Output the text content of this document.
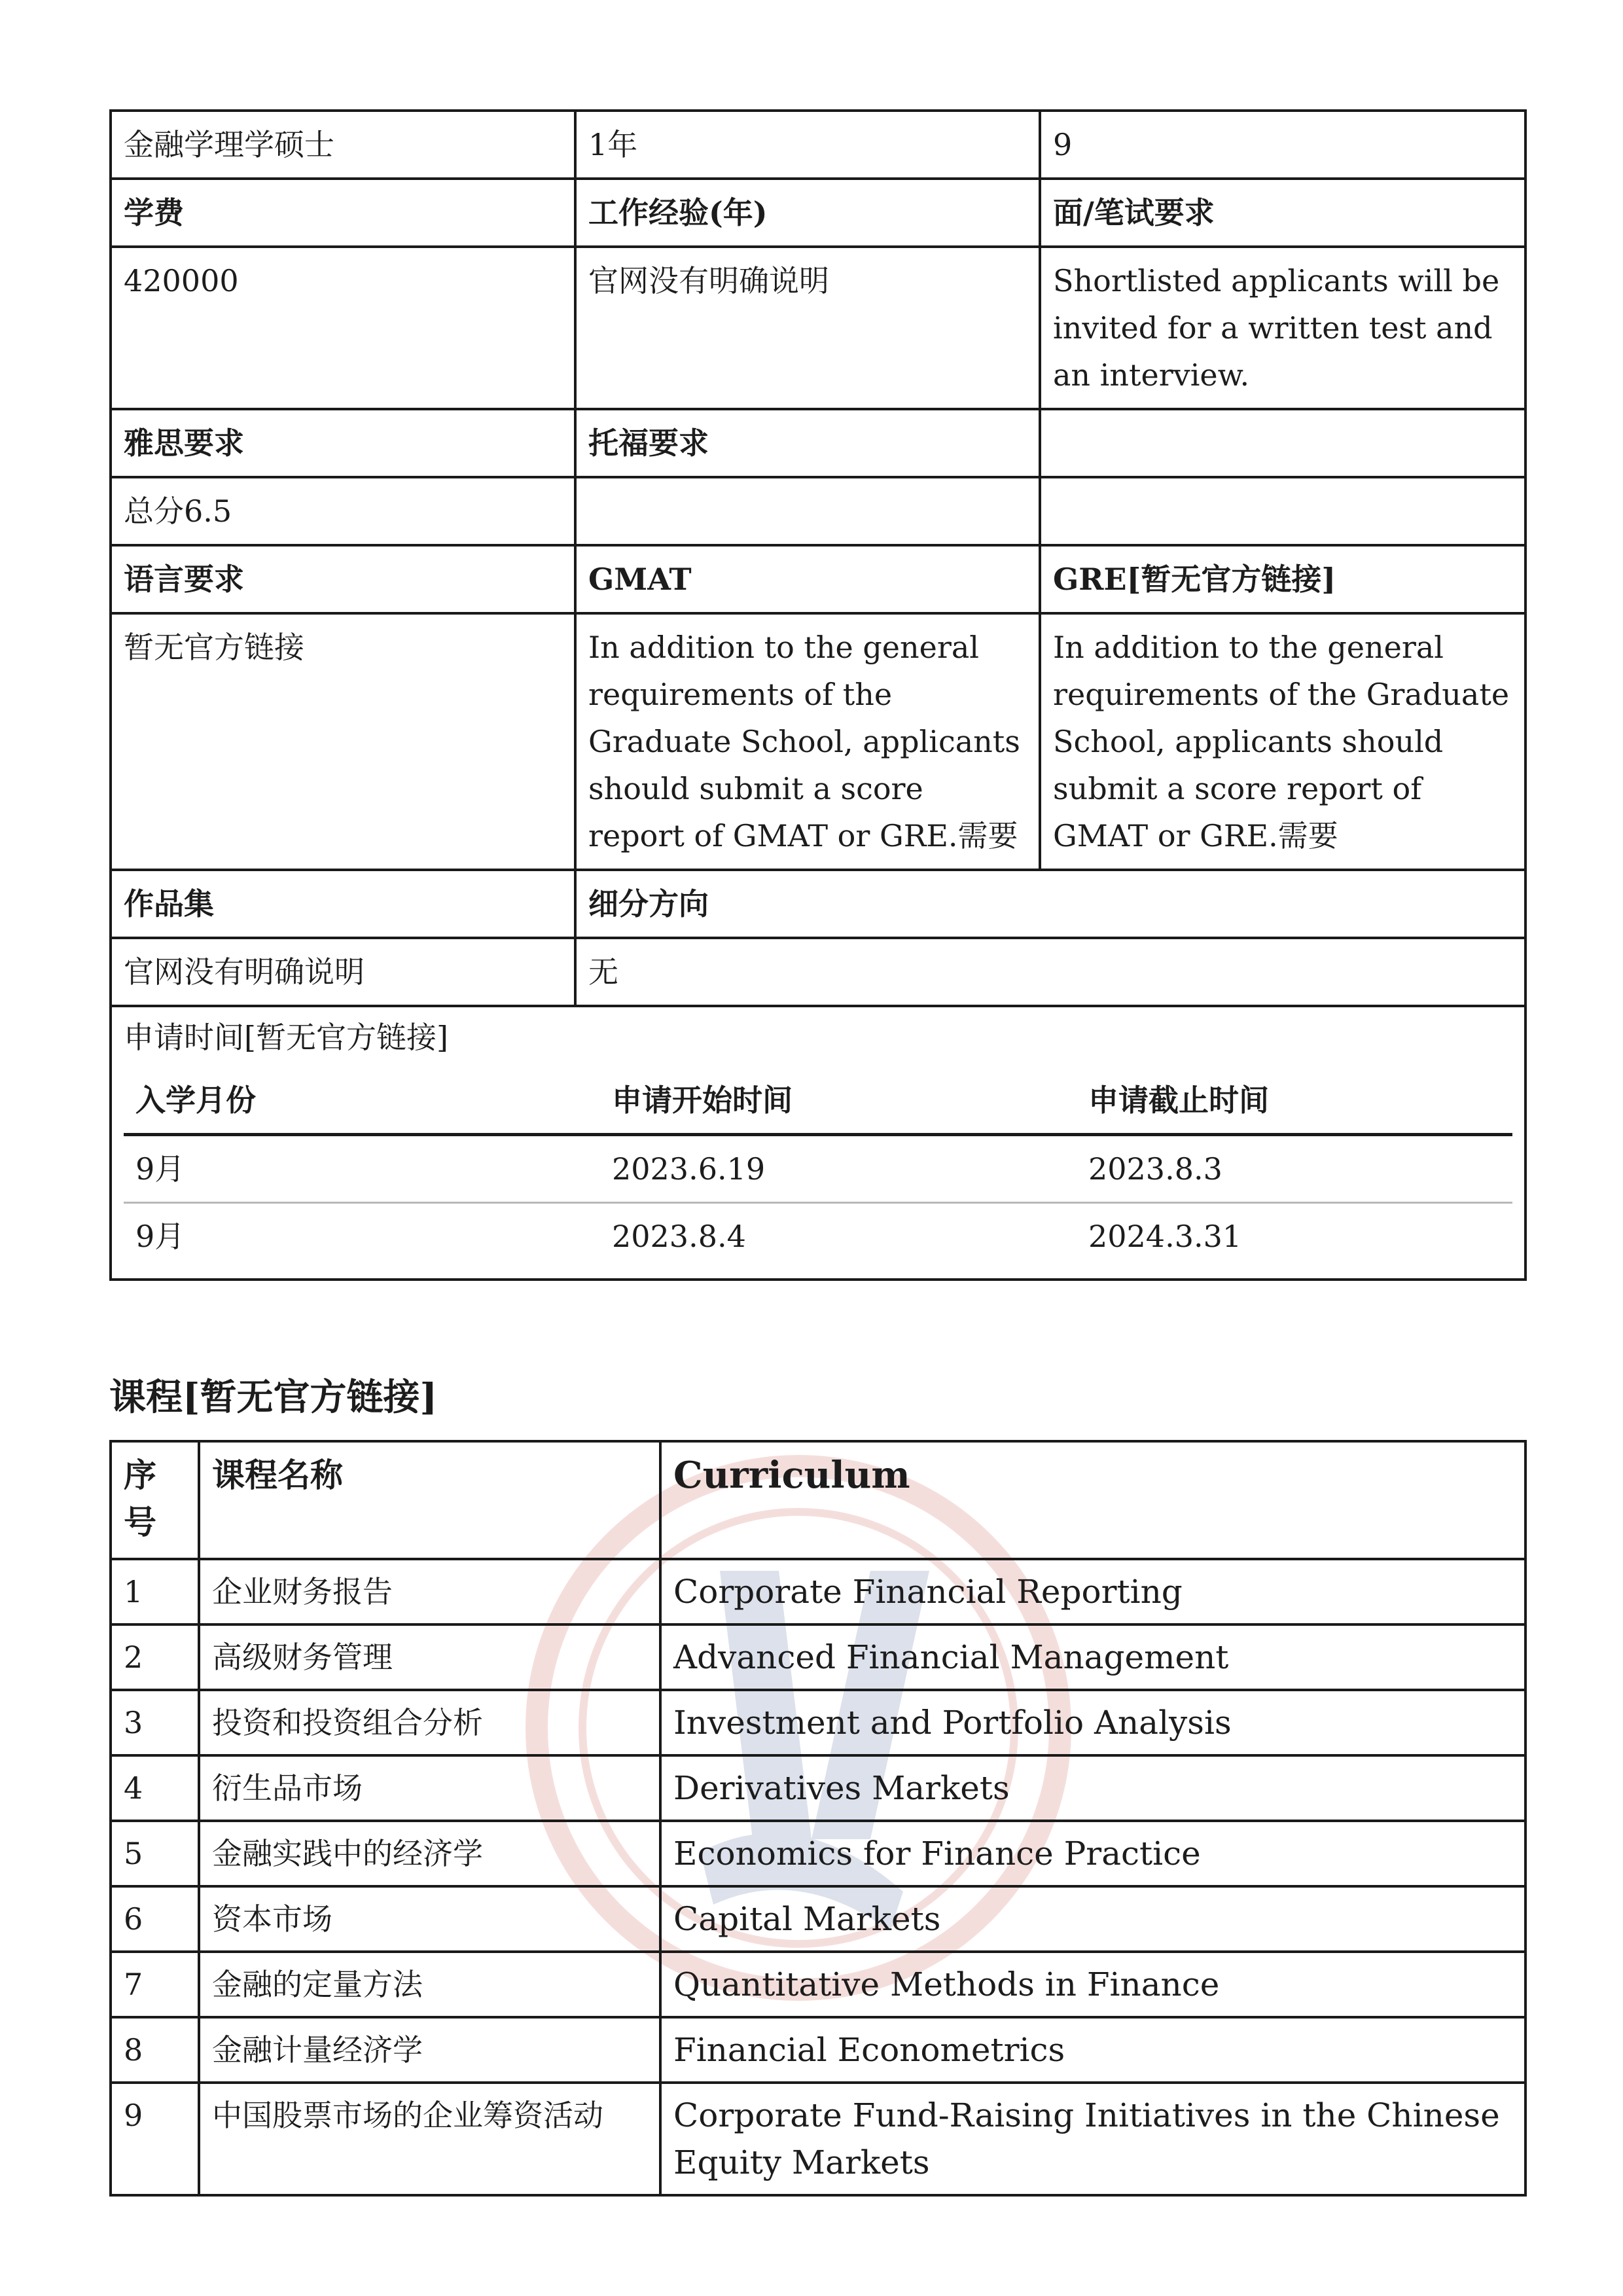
金融学理学硕士	1年	9
学费	工作经验(年)	面/笔试要求
420000	官网没有明确说明	Shortlisted applicants will be invited for a written test and an interview.
雅思要求	托福要求	
总分6.5		
语言要求	GMAT	GRE[暂无官方链接]
暂无官方链接	In addition to the general requirements of the Graduate School, applicants should submit a score report of GMAT or GRE.需要	In addition to the general requirements of the Graduate School, applicants should submit a score report of GMAT or GRE.需要
作品集	细分方向
官网没有明确说明	无

申请时间[暂无官方链接]
入学月份	申请开始时间	申请截止时间
9月	2023.6.19	2023.8.3
9月	2023.8.4	2024.3.31
课程[暂无官方链接]
序号	课程名称	Curriculum
1	企业财务报告	Corporate Financial Reporting
2	高级财务管理	Advanced Financial Management
3	投资和投资组合分析	Investment and Portfolio Analysis
4	衍生品市场	Derivatives Markets
5	金融实践中的经济学	Economics for Finance Practice
6	资本市场	Capital Markets
7	金融的定量方法	Quantitative Methods in Finance
8	金融计量经济学	Financial Econometrics
9	中国股票市场的企业筹资活动	Corporate Fund-Raising Initiatives in the Chinese Equity Markets
